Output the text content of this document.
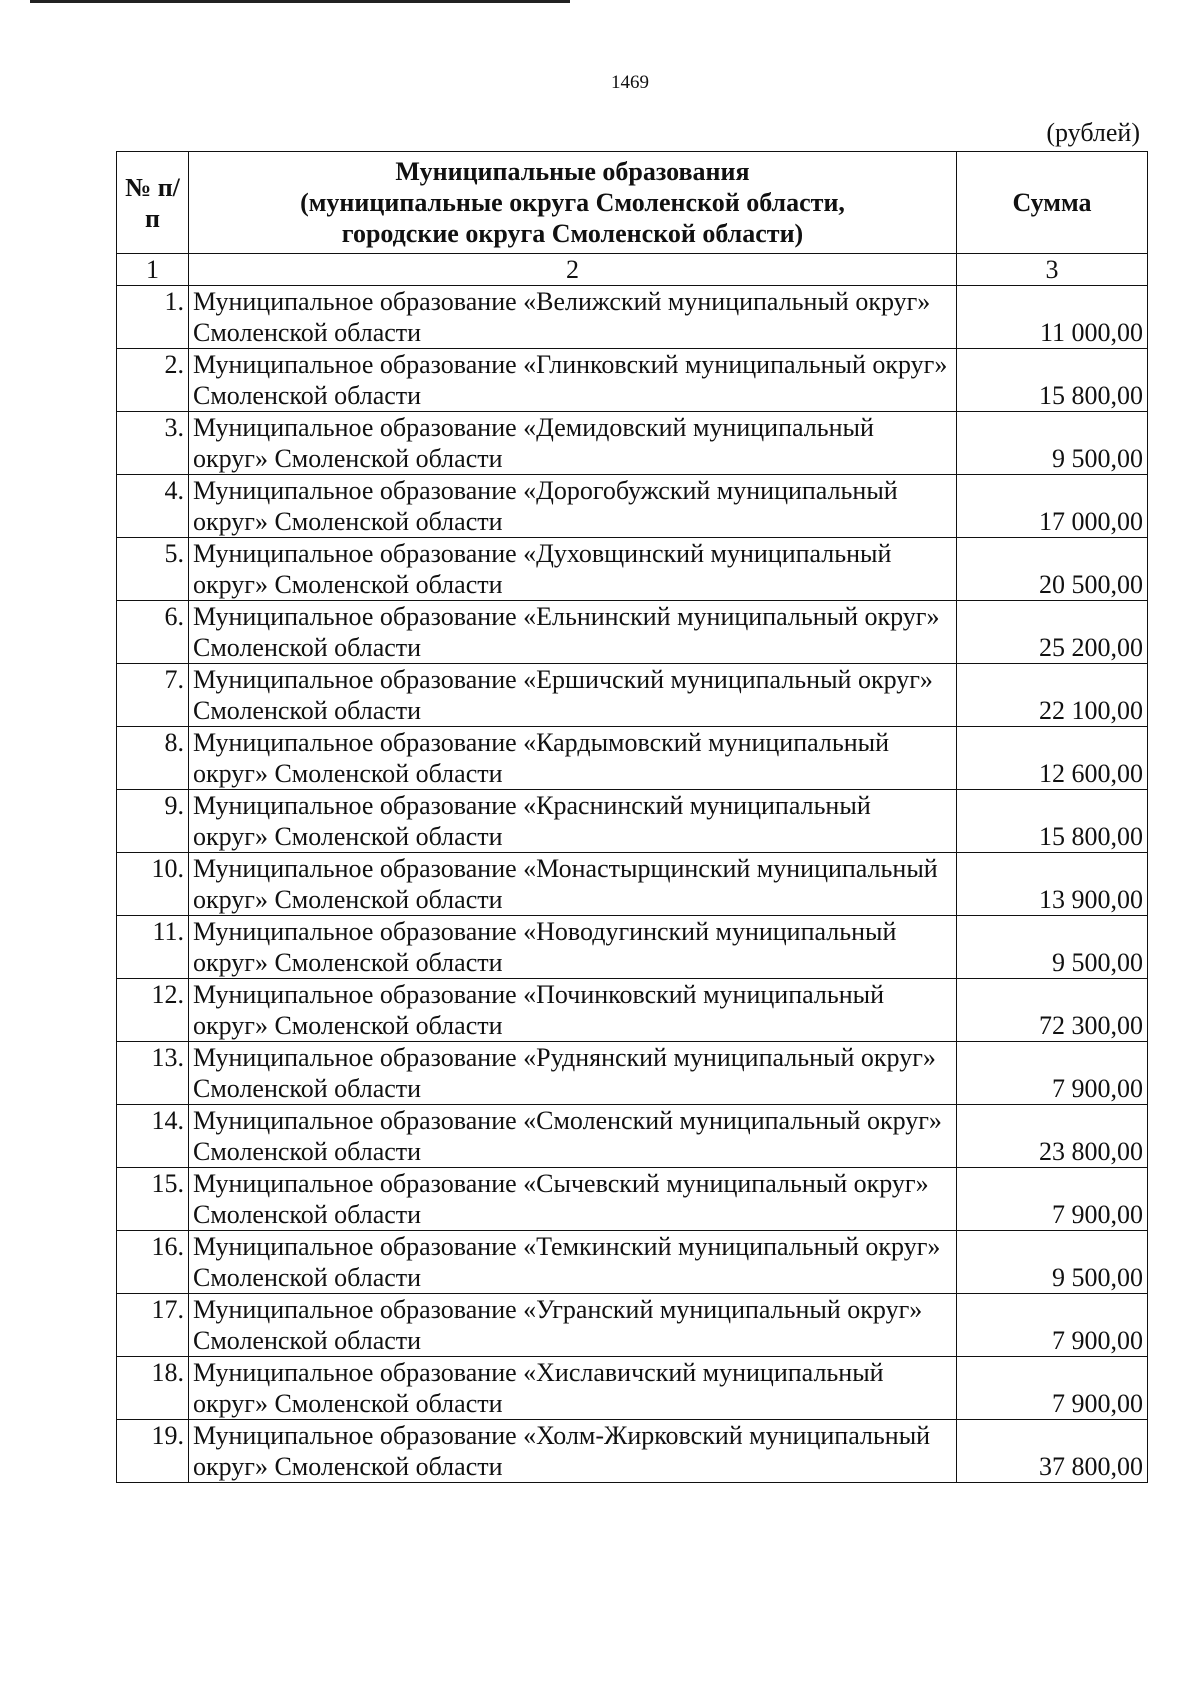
1469
(рублей)
№ п/п	Муниципальные образования
(муниципальные округа Смоленской области,
городские округа Смоленской области)	Сумма
1	2	3
1.	Муниципальное образование «Велижский муниципальный округ» Смоленской области	11 000,00
2.	Муниципальное образование «Глинковский муниципальный округ» Смоленской области	15 800,00
3.	Муниципальное образование «Демидовский муниципальный округ» Смоленской области	9 500,00
4.	Муниципальное образование «Дорогобужский муниципальный округ» Смоленской области	17 000,00
5.	Муниципальное образование «Духовщинский муниципальный округ» Смоленской области	20 500,00
6.	Муниципальное образование «Ельнинский муниципальный округ» Смоленской области	25 200,00
7.	Муниципальное образование «Ершичский муниципальный округ» Смоленской области	22 100,00
8.	Муниципальное образование «Кардымовский муниципальный округ» Смоленской области	12 600,00
9.	Муниципальное образование «Краснинский муниципальный округ» Смоленской области	15 800,00
10.	Муниципальное образование «Монастырщинский муниципальный округ» Смоленской области	13 900,00
11.	Муниципальное образование «Новодугинский муниципальный округ» Смоленской области	9 500,00
12.	Муниципальное образование «Починковский муниципальный округ» Смоленской области	72 300,00
13.	Муниципальное образование «Руднянский муниципальный округ» Смоленской области	7 900,00
14.	Муниципальное образование «Смоленский муниципальный округ» Смоленской области	23 800,00
15.	Муниципальное образование «Сычевский муниципальный округ» Смоленской области	7 900,00
16.	Муниципальное образование «Темкинский муниципальный округ» Смоленской области	9 500,00
17.	Муниципальное образование «Угранский муниципальный округ» Смоленской области	7 900,00
18.	Муниципальное образование «Хиславичский муниципальный округ» Смоленской области	7 900,00
19.	Муниципальное образование «Холм-Жирковский муниципальный округ» Смоленской области	37 800,00
